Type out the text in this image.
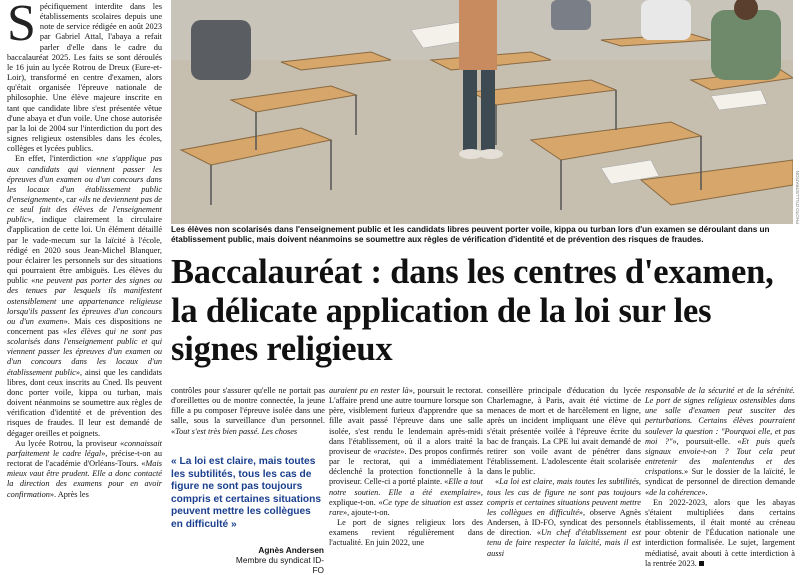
Spécifiquement interdite dans les établissements scolaires depuis une note de service rédigée en août 2023 par Gabriel Attal, l'abaya a refait parler d'elle dans le cadre du baccalauréat 2025. Les faits se sont déroulés le 16 juin au lycée Rotrou de Dreux (Eure-et-Loir), transformé en centre d'examen, alors qu'était organisée l'épreuve nationale de philosophie. Une élève majeure inscrite en tant que candidate libre s'est présentée vêtue d'une abaya et d'un voile. Une chose autorisée par la loi de 2004 sur l'interdiction du port des signes religieux ostensibles dans les écoles, collèges et lycées publics.

En effet, l'interdiction «ne s'applique pas aux candidats qui viennent passer les épreuves d'un examen ou d'un concours dans les locaux d'un établissement public d'enseignement», car «ils ne deviennent pas de ce seul fait des élèves de l'enseignement public», indique clairement la circulaire d'application de cette loi. Un élément détaillé par le vade-mecum sur la laïcité à l'école, rédigé en 2020 sous Jean-Michel Blanquer, pour éclairer les personnels sur des situations qui pourraient être ambiguës. Les élèves du public «ne peuvent pas porter des signes ou des tenues par lesquels ils manifestent ostensiblement une appartenance religieuse lorsqu'ils passent les épreuves d'un concours ou d'un examen». Mais ces dispositions ne concernent pas «les élèves qui ne sont pas scolarisés dans l'enseignement public et qui viennent passer les épreuves d'un examen ou d'un concours dans les locaux d'un établissement public», ainsi que les candidats libres, dont ceux inscrits au Cned. Ils peuvent donc porter voile, kippa ou turban, mais doivent néanmoins se soumettre aux règles de vérification d'identité et de prévention des risques de fraudes. Il leur est demandé de dégager oreilles et poignets.

Au lycée Rotrou, la proviseur «connaissait parfaitement le cadre légal», précise-t-on au rectorat de l'académie d'Orléans-Tours. «Mais mieux vaut être prudent. Elle a donc contacté la direction des examens pour en avoir confirmation». Après les

PHOTO D'ILLUSTRATION
Les élèves non scolarisés dans l'enseignement public et les candidats libres peuvent porter voile, kippa ou turban lors d'un examen se déroulant dans un établissement public, mais doivent néanmoins se soumettre aux règles de vérification d'identité et de prévention des risques de fraudes.
Baccalauréat : dans les centres d'examen, la délicate application de la loi sur les signes religieux

contrôles pour s'assurer qu'elle ne portait pas d'oreillettes ou de montre connectée, la jeune fille a pu composer l'épreuve isolée dans une salle, sous la surveillance d'un personnel. «Tout s'est très bien passé. Les choses

« La loi est claire, mais toutes les subtilités, tous les cas de figure ne sont pas toujours compris et certaines situations peuvent mettre les collègues en difficulté »
Agnès Andersen
Membre du syndicat ID-FO

auraient pu en rester là», poursuit le rectorat. L'affaire prend une autre tournure lorsque son père, visiblement furieux d'apprendre que sa fille avait passé l'épreuve dans une salle isolée, s'est rendu le lendemain après-midi dans l'établissement, où il a alors traité la proviseur de «raciste». Des propos confirmés par le rectorat, qui a immédiatement déclenché la protection fonctionnelle à la proviseur. Celle-ci a porté plainte. «Elle a tout notre soutien. Elle a été exemplaire», explique-t-on. «Ce type de situation est assez rare», ajoute-t-on.

Le port de signes religieux lors des examens revient régulièrement dans l'actualité. En juin 2022, une

conseillère principale d'éducation du lycée Charlemagne, à Paris, avait été victime de menaces de mort et de harcèlement en ligne, après un incident impliquant une élève qui s'était présentée voilée à l'épreuve écrite du bac de français. La CPE lui avait demandé de retirer son voile avant de pénétrer dans l'établissement. L'adolescente était scolarisée dans le public.

«La loi est claire, mais toutes les subtilités, tous les cas de figure ne sont pas toujours compris et certaines situations peuvent mettre les collègues en difficulté», observe Agnès Andersen, à ID-FO, syndicat des personnels de direction. «Un chef d'établissement est tenu de faire respecter la laïcité, mais il est aussi

responsable de la sécurité et de la sérénité. Le port de signes religieux ostensibles dans une salle d'examen peut susciter des perturbations. Certains élèves pourraient soulever la question : "Pourquoi elle, et pas moi ?"», poursuit-elle. «Et puis quels signaux envoie-t-on ? Tout cela peut entretenir des malentendus et des crispations.» Sur le dossier de la laïcité, le syndicat de personnel de direction demande «de la cohérence».

En 2022-2023, alors que les abayas s'étaient multipliées dans certains établissements, il était monté au créneau pour obtenir de l'Éducation nationale une interdiction formalisée. Le sujet, largement médiatisé, avait abouti à cette interdiction à la rentrée 2023.
